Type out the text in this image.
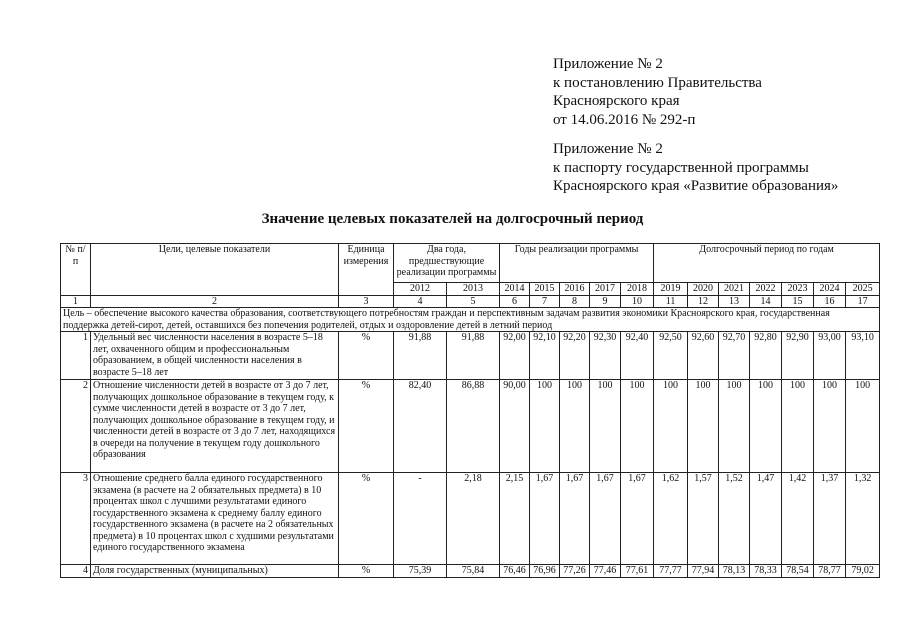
Приложение № 2
к постановлению Правительства
Красноярского края
от 14.06.2016 № 292-п
Приложение № 2
к паспорту государственной программы
Красноярского края «Развитие образования»
Значение целевых показателей на долгосрочный период
№ п/п	Цели, целевые показатели	Единица измерения	Два года, предшествующие реализации программы		Годы реализации программы					Долгосрочный период по годам						
			2012	2013	2014	2015	2016	2017	2018	2019	2020	2021	2022	2023	2024	2025
1	2	3	4	5	6	7	8	9	10	11	12	13	14	15	16	17
Цель – обеспечение высокого качества образования, соответствующего потребностям граждан и перспективным задачам развития экономики Красноярского края, государственная поддержка детей-сирот, детей, оставшихся без попечения родителей, отдых и оздоровление детей в летний период																
1	Удельный вес численности населения в возрасте 5–18 лет, охваченного общим и профессиональным образованием, в общей численности населения в возрасте 5–18 лет	%	91,88	91,88	92,00	92,10	92,20	92,30	92,40	92,50	92,60	92,70	92,80	92,90	93,00	93,10
2	Отношение численности детей в возрасте от 3 до 7 лет, получающих дошкольное образование в текущем году, к сумме численности детей в возрасте от 3 до 7 лет, получающих дошкольное образование в текущем году, и численности детей в возрасте от 3 до 7 лет, находящихся в очереди на получение в текущем году дошкольного образования	%	82,40	86,88	90,00	100	100	100	100	100	100	100	100	100	100	100
3	Отношение среднего балла единого государственного экзамена (в расчете на 2 обязательных предмета) в 10 процентах школ с лучшими результатами единого государственного экзамена к среднему баллу единого государственного экзамена (в расчете на 2 обязательных предмета) в 10 процентах школ с худшими результатами единого государственного экзамена	%	-	2,18	2,15	1,67	1,67	1,67	1,67	1,62	1,57	1,52	1,47	1,42	1,37	1,32
4	Доля государственных (муниципальных)	%	75,39	75,84	76,46	76,96	77,26	77,46	77,61	77,77	77,94	78,13	78,33	78,54	78,77	79,02
